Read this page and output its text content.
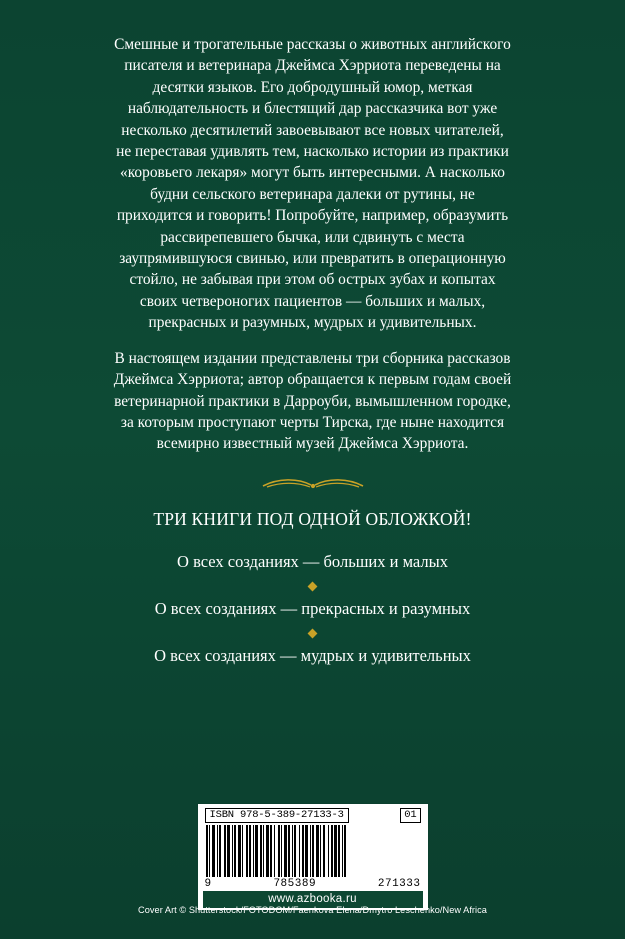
Смешные и трогательные рассказы о животных английского писателя и ветеринара Джеймса Хэрриота переведены на десятки языков. Его добродушный юмор, меткая наблюдательность и блестящий дар рассказчика вот уже несколько десятилетий завоевывают все новых читателей, не переставая удивлять тем, насколько истории из практики «коровьего лекаря» могут быть интересными. А насколько будни сельского ветеринара далеки от рутины, не приходится и говорить! Попробуйте, например, образумить рассвирепевшего бычка, или сдвинуть с места заупрямившуюся свинью, или превратить в операционную стойло, не забывая при этом об острых зубах и копытах своих четвероногих пациентов — больших и малых, прекрасных и разумных, мудрых и удивительных.

В настоящем издании представлены три сборника рассказов Джеймса Хэрриота; автор обращается к первым годам своей ветеринарной практики в Дарроуби, вымышленном городке, за которым проступают черты Тирска, где ныне находится всемирно известный музей Джеймса Хэрриота.

ТРИ КНИГИ ПОД ОДНОЙ ОБЛОЖКОЙ!
О всех созданиях — больших и малых
О всех созданиях — прекрасных и разумных
О всех созданиях — мудрых и удивительных
ISBN 978-5-389-27133-3	01
9	785389	271333
www.azbooka.ru
Cover Art © Shutterstock/FOTODOM/Faenkova Elena/Dmytro Leschenko/New Africa
